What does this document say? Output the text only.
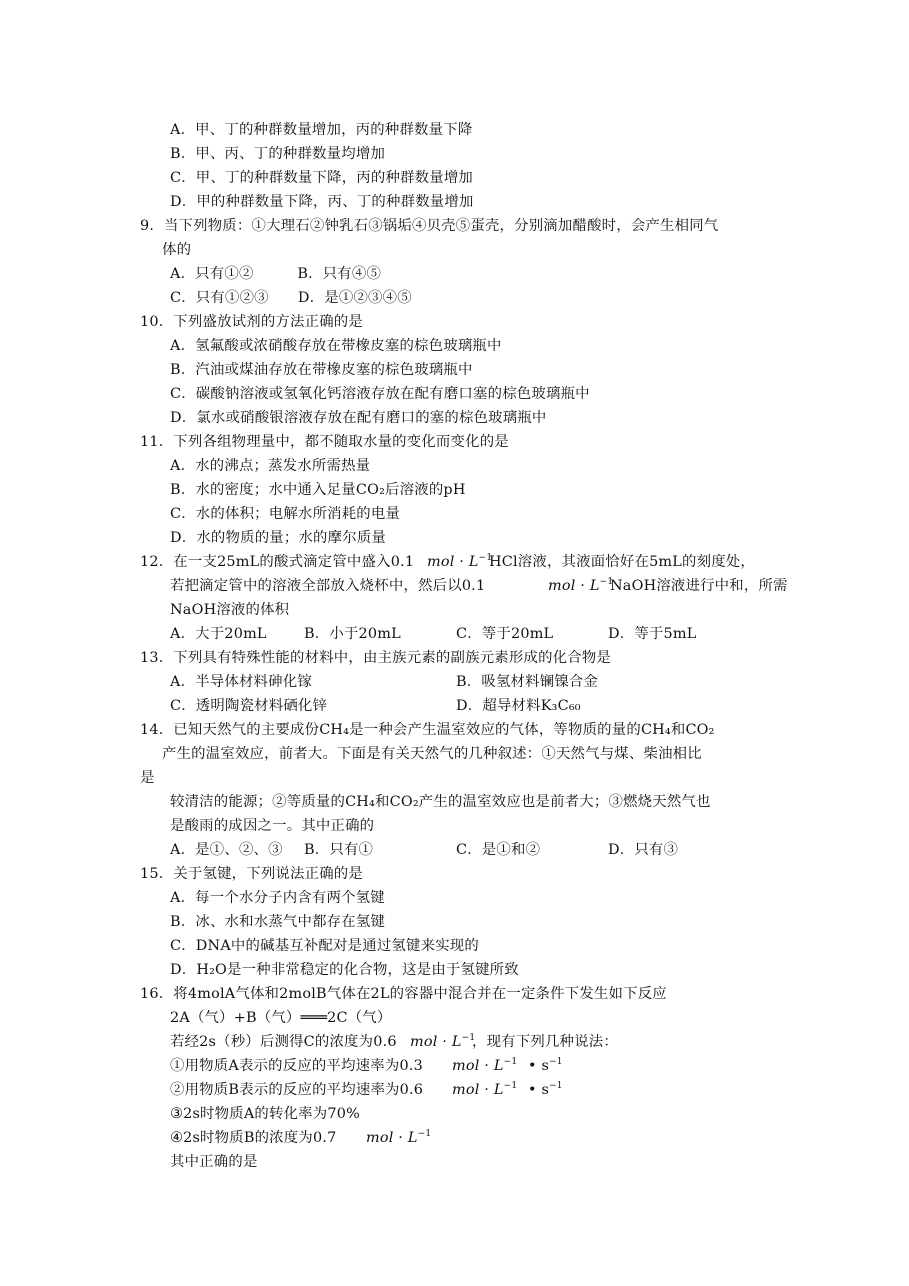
A．甲、丁的种群数量增加，丙的种群数量下降
B．甲、丙、丁的种群数量均增加
C．甲、丁的种群数量下降，丙的种群数量增加
D．甲的种群数量下降，丙、丁的种群数量增加
9．当下列物质：①大理石②钟乳石③锅垢④贝壳⑤蛋壳，分别滴加醋酸时，会产生相同气
体的
A．只有①②　　　B．只有④⑤
C．只有①②③　　D．是①②③④⑤
10．下列盛放试剂的方法正确的是
A．氢氟酸或浓硝酸存放在带橡皮塞的棕色玻璃瓶中
B．汽油或煤油存放在带橡皮塞的棕色玻璃瓶中
C．碳酸钠溶液或氢氧化钙溶液存放在配有磨口塞的棕色玻璃瓶中
D．氯水或硝酸银溶液存放在配有磨口的塞的棕色玻璃瓶中
11．下列各组物理量中，都不随取水量的变化而变化的是
A．水的沸点；蒸发水所需热量
B．水的密度；水中通入足量CO₂后溶液的pH
C．水的体积；电解水所消耗的电量
D．水的物质的量；水的摩尔质量
12．在一支25mL的酸式滴定管中盛入0.1
若把滴定管中的溶液全部放入烧杯中，然后以0.1
NaOH溶液的体积
A．大于20mL	B．小于20mL	C．等于20mL	D．等于5mL
13．下列具有特殊性能的材料中，由主族元素的副族元素形成的化合物是
A．半导体材料砷化镓	B．吸氢材料镧镍合金
C．透明陶瓷材料硒化锌	D．超导材料K₃C₆₀
14．已知天然气的主要成份CH₄是一种会产生温室效应的气体，等物质的量的CH₄和CO₂
产生的温室效应，前者大。下面是有关天然气的几种叙述：①天然气与煤、柴油相比
是
较清洁的能源；②等质量的CH₄和CO₂产生的温室效应也是前者大；③燃烧天然气也
是酸雨的成因之一。其中正确的
A．是①、②、③ B．只有①	C．是①和②	D．只有③
15．关于氢键，下列说法正确的是
A．每一个水分子内含有两个氢键
B．冰、水和水蒸气中都存在氢键
C．DNA中的碱基互补配对是通过氢键来实现的
D．H₂O是一种非常稳定的化合物，这是由于氢键所致
16．将4molA气体和2molB气体在2L的容器中混合并在一定条件下发生如下反应
2A（气）+B（气）═══2C（气）
若经2s（秒）后测得C的浓度为0.6
①用物质A表示的反应的平均速率为0.3
②用物质B表示的反应的平均速率为0.6
③2s时物质A的转化率为70%
④2s时物质B的浓度为0.7
其中正确的是
mol · $L^{-1}$
HCl溶液，其液面恰好在5mL的刻度处，
mol · $L^{-1}$
NaOH溶液进行中和，所需
mol · $L^{-1}$
，现有下列几种说法：
mol · $L^{-1}$ • $s^{-1}$
mol · $L^{-1}$ • $s^{-1}$
mol · $L^{-1}$
